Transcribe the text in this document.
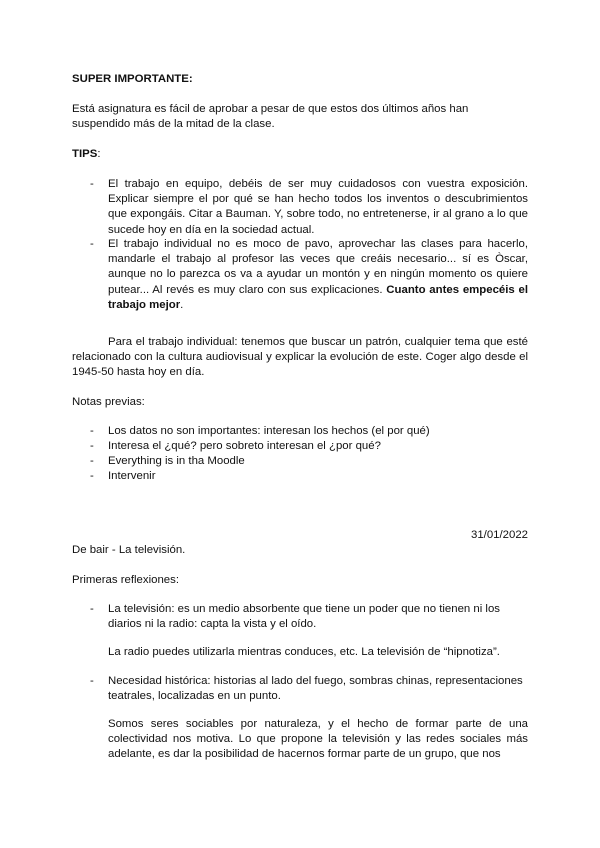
SUPER IMPORTANTE:

Está asignatura es fácil de aprobar a pesar de que estos dos últimos años han suspendido más de la mitad de la clase.

TIPS:

-	El trabajo en equipo, debéis de ser muy cuidadosos con vuestra exposición. Explicar siempre el por qué se han hecho todos los inventos o descubrimientos que expongáis. Citar a Bauman. Y, sobre todo, no entretenerse, ir al grano a lo que sucede hoy en día en la sociedad actual.

-	El trabajo individual no es moco de pavo, aprovechar las clases para hacerlo, mandarle el trabajo al profesor las veces que creáis necesario... sí es Òscar, aunque no lo parezca os va a ayudar un montón y en ningún momento os quiere putear... Al revés es muy claro con sus explicaciones. Cuanto antes empecéis el trabajo mejor.

Para el trabajo individual: tenemos que buscar un patrón, cualquier tema que esté relacionado con la cultura audiovisual y explicar la evolución de este. Coger algo desde el 1945-50 hasta hoy en día.

Notas previas:

-	Los datos no son importantes: interesan los hechos (el por qué)

-	Interesa el ¿qué? pero sobreto interesan el ¿por qué?

-	Everything is in tha Moodle

-	Intervenir

31/01/2022

De bair - La televisión.

Primeras reflexiones:

-	La televisión: es un medio absorbente que tiene un poder que no tienen ni los diarios ni la radio: capta la vista y el oído.

La radio puedes utilizarla mientras conduces, etc. La televisión de “hipnotiza”.

-	Necesidad histórica: historias al lado del fuego, sombras chinas, representaciones teatrales, localizadas en un punto.

Somos seres sociables por naturaleza, y el hecho de formar parte de una colectividad nos motiva. Lo que propone la televisión y las redes sociales más adelante, es dar la posibilidad de hacernos formar parte de un grupo, que nos
